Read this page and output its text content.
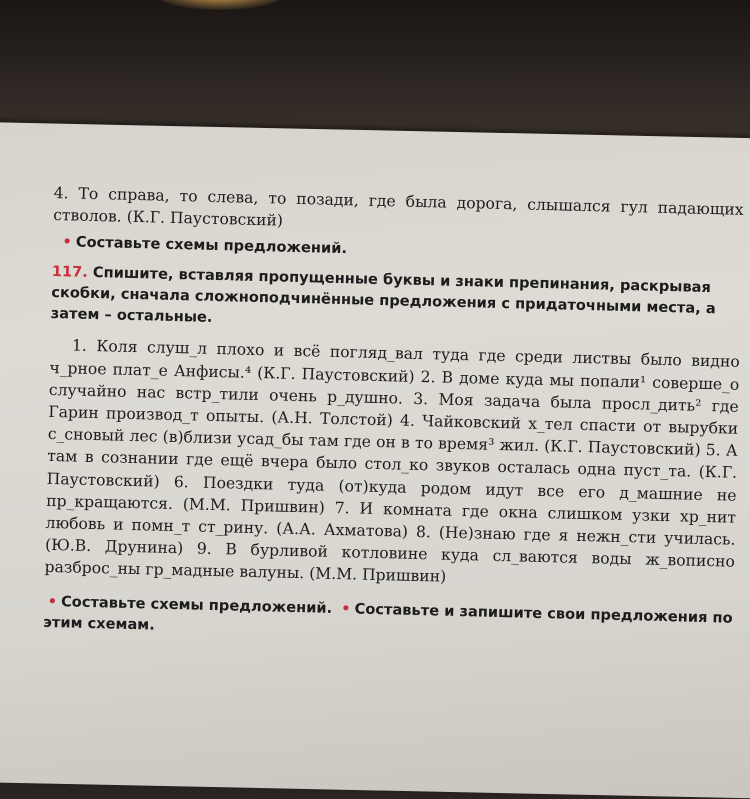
4. То справа, то слева, то позади, где была дорога, слышался гул падающих стволов. (К.Г. Паустовский)

• Составьте схемы предложений.
117. Спишите, вставляя пропущенные буквы и знаки препинания, раскрывая скобки, сначала сложноподчинённые предложения с придаточными места, а затем – остальные.

1. Коля слуш_л плохо и всё погляд_вал туда где среди листвы было видно ч_рное плат_е Анфисы.⁴ (К.Г. Паустовский) 2. В доме куда мы попали¹ соверше_о случайно нас встр_тили очень р_душно. 3. Моя задача была просл_дить² где Гарин производ_т опыты. (А.Н. Толстой) 4. Чайковский х_тел спасти от вырубки с_сновый лес (в)близи усад_бы там где он в то время³ жил. (К.Г. Паустовский) 5. А там в сознании где ещё вчера было стол_ко звуков осталась одна пуст_та. (К.Г. Паустовский) 6. Поездки туда (от)куда родом идут все его д_машние не пр_кращаются. (М.М. Пришвин) 7. И комната где окна слишком узки хр_нит любовь и помн_т ст_рину. (А.А. Ахматова) 8. (Не)знаю где я нежн_сти училась. (Ю.В. Друнина) 9. В бурливой котловине куда сл_ваются воды ж_вописно разброс_ны гр_мадные валуны. (М.М. Пришвин)

• Составьте схемы предложений. • Составьте и запишите свои предложения по этим схемам.
